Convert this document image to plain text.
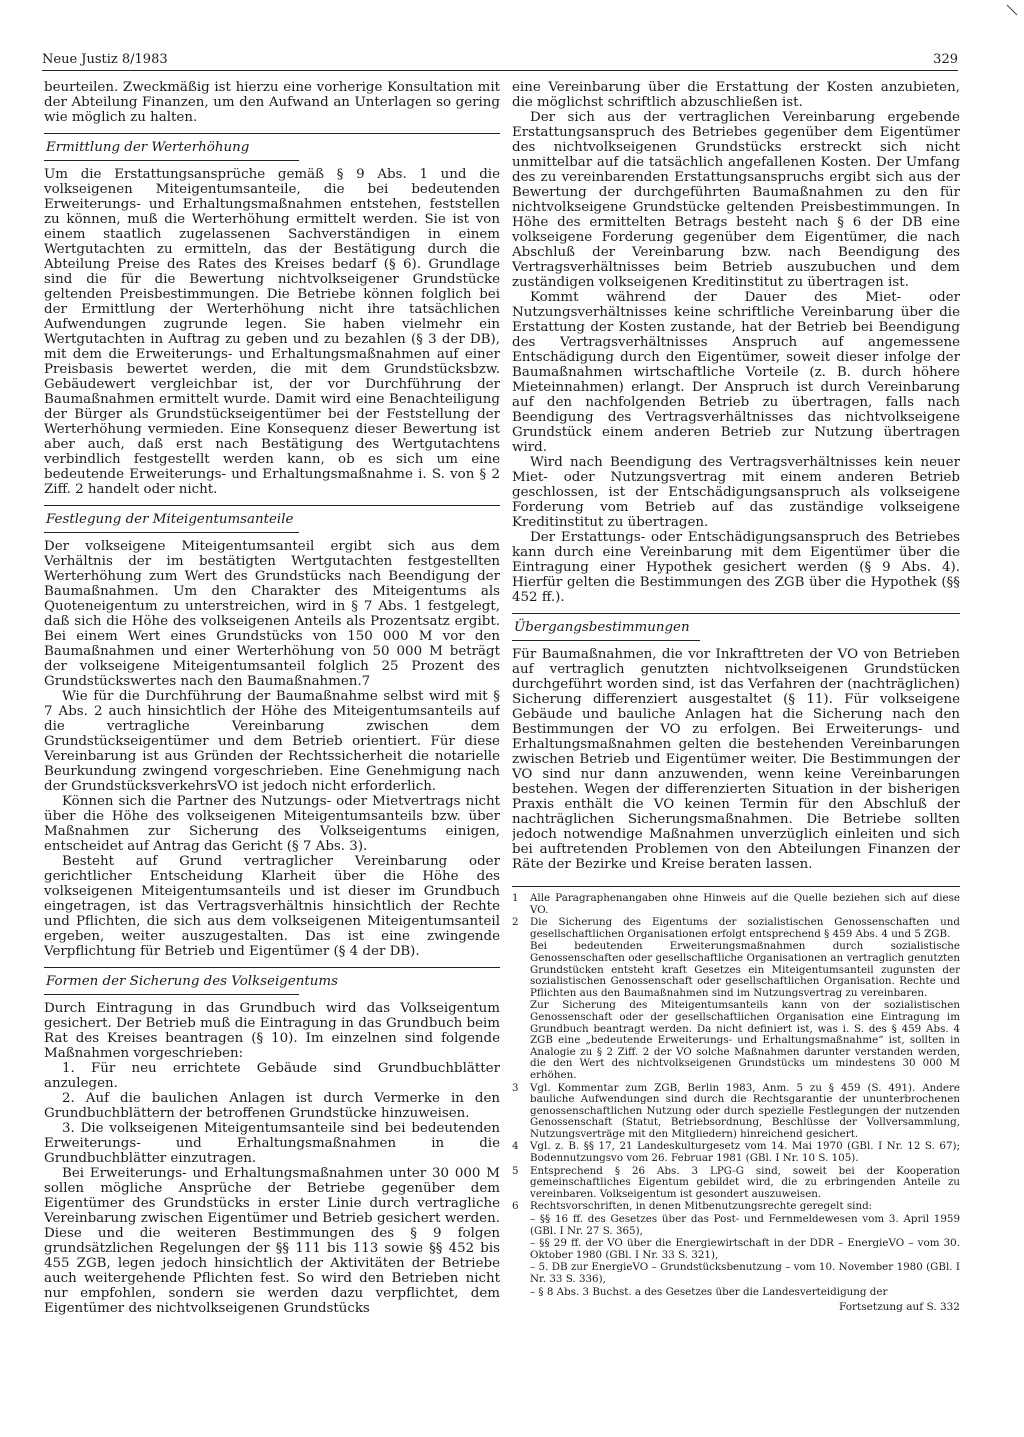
Neue Justiz 8/1983	329

beurteilen. Zweckmäßig ist hierzu eine vorherige Konsultation mit der Abteilung Finanzen, um den Aufwand an Unterlagen so gering wie möglich zu halten.

Ermittlung der Werterhöhung

Um die Erstattungsansprüche gemäß § 9 Abs. 1 und die volkseigenen Miteigentumsanteile, die bei bedeutenden Erweiterungs- und Erhaltungsmaßnahmen entstehen, feststellen zu können, muß die Werterhöhung ermittelt werden. Sie ist von einem staatlich zugelassenen Sachverständigen in einem Wertgutachten zu ermitteln, das der Bestätigung durch die Abteilung Preise des Rates des Kreises bedarf (§ 6). Grundlage sind die für die Bewertung nichtvolkseigener Grundstücke geltenden Preisbestimmungen. Die Betriebe können folglich bei der Ermittlung der Werterhöhung nicht ihre tatsächlichen Aufwendungen zugrunde legen. Sie haben vielmehr ein Wertgutachten in Auftrag zu geben und zu bezahlen (§ 3 der DB), mit dem die Erweiterungs- und Erhaltungsmaßnahmen auf einer Preisbasis bewertet werden, die mit dem Grundstücksbzw. Gebäudewert vergleichbar ist, der vor Durchführung der Baumaßnahmen ermittelt wurde. Damit wird eine Benachteiligung der Bürger als Grundstückseigentümer bei der Feststellung der Werterhöhung vermieden. Eine Konsequenz dieser Bewertung ist aber auch, daß erst nach Bestätigung des Wertgutachtens verbindlich festgestellt werden kann, ob es sich um eine bedeutende Erweiterungs- und Erhaltungsmaßnahme i. S. von § 2 Ziff. 2 handelt oder nicht.

Festlegung der Miteigentumsanteile

Der volkseigene Miteigentumsanteil ergibt sich aus dem Verhältnis der im bestätigten Wertgutachten festgestellten Werterhöhung zum Wert des Grundstücks nach Beendigung der Baumaßnahmen. Um den Charakter des Miteigentums als Quoteneigentum zu unterstreichen, wird in § 7 Abs. 1 festgelegt, daß sich die Höhe des volkseigenen Anteils als Prozentsatz ergibt. Bei einem Wert eines Grundstücks von 150 000 M vor den Baumaßnahmen und einer Werterhöhung von 50 000 M beträgt der volkseigene Miteigentumsanteil folglich 25 Prozent des Grundstückswertes nach den Baumaßnahmen.7

Wie für die Durchführung der Baumaßnahme selbst wird mit § 7 Abs. 2 auch hinsichtlich der Höhe des Miteigentumsanteils auf die vertragliche Vereinbarung zwischen dem Grundstückseigentümer und dem Betrieb orientiert. Für diese Vereinbarung ist aus Gründen der Rechtssicherheit die notarielle Beurkundung zwingend vorgeschrieben. Eine Genehmigung nach der GrundstücksverkehrsVO ist jedoch nicht erforderlich.

Können sich die Partner des Nutzungs- oder Mietvertrags nicht über die Höhe des volkseigenen Miteigentumsanteils bzw. über Maßnahmen zur Sicherung des Volkseigentums einigen, entscheidet auf Antrag das Gericht (§ 7 Abs. 3).

Besteht auf Grund vertraglicher Vereinbarung oder gerichtlicher Entscheidung Klarheit über die Höhe des volkseigenen Miteigentumsanteils und ist dieser im Grundbuch eingetragen, ist das Vertragsverhältnis hinsichtlich der Rechte und Pflichten, die sich aus dem volkseigenen Miteigentumsanteil ergeben, weiter auszugestalten. Das ist eine zwingende Verpflichtung für Betrieb und Eigentümer (§ 4 der DB).

Formen der Sicherung des Volkseigentums

Durch Eintragung in das Grundbuch wird das Volkseigentum gesichert. Der Betrieb muß die Eintragung in das Grundbuch beim Rat des Kreises beantragen (§ 10). Im einzelnen sind folgende Maßnahmen vorgeschrieben:

1. Für neu errichtete Gebäude sind Grundbuchblätter anzulegen.

2. Auf die baulichen Anlagen ist durch Vermerke in den Grundbuchblättern der betroffenen Grundstücke hinzuweisen.

3. Die volkseigenen Miteigentumsanteile sind bei bedeutenden Erweiterungs- und Erhaltungsmaßnahmen in die Grundbuchblätter einzutragen.

Bei Erweiterungs- und Erhaltungsmaßnahmen unter 30 000 M sollen mögliche Ansprüche der Betriebe gegenüber dem Eigentümer des Grundstücks in erster Linie durch vertragliche Vereinbarung zwischen Eigentümer und Betrieb gesichert werden. Diese und die weiteren Bestimmungen des § 9 folgen grundsätzlichen Regelungen der §§ 111 bis 113 sowie §§ 452 bis 455 ZGB, legen jedoch hinsichtlich der Aktivitäten der Betriebe auch weitergehende Pflichten fest. So wird den Betrieben nicht nur empfohlen, sondern sie werden dazu verpflichtet, dem Eigentümer des nichtvolkseigenen Grundstücks

eine Vereinbarung über die Erstattung der Kosten anzubieten, die möglichst schriftlich abzuschließen ist.

Der sich aus der vertraglichen Vereinbarung ergebende Erstattungsanspruch des Betriebes gegenüber dem Eigentümer des nichtvolkseigenen Grundstücks erstreckt sich nicht unmittelbar auf die tatsächlich angefallenen Kosten. Der Umfang des zu vereinbarenden Erstattungsanspruchs ergibt sich aus der Bewertung der durchgeführten Baumaßnahmen zu den für nichtvolkseigene Grundstücke geltenden Preisbestimmungen. In Höhe des ermittelten Betrags besteht nach § 6 der DB eine volkseigene Forderung gegenüber dem Eigentümer, die nach Abschluß der Vereinbarung bzw. nach Beendigung des Vertragsverhältnisses beim Betrieb auszubuchen und dem zuständigen volkseigenen Kreditinstitut zu übertragen ist.

Kommt während der Dauer des Miet- oder Nutzungsverhältnisses keine schriftliche Vereinbarung über die Erstattung der Kosten zustande, hat der Betrieb bei Beendigung des Vertragsverhältnisses Anspruch auf angemessene Entschädigung durch den Eigentümer, soweit dieser infolge der Baumaßnahmen wirtschaftliche Vorteile (z. B. durch höhere Mieteinnahmen) erlangt. Der Anspruch ist durch Vereinbarung auf den nachfolgenden Betrieb zu übertragen, falls nach Beendigung des Vertragsverhältnisses das nichtvolkseigene Grundstück einem anderen Betrieb zur Nutzung übertragen wird.

Wird nach Beendigung des Vertragsverhältnisses kein neuer Miet- oder Nutzungsvertrag mit einem anderen Betrieb geschlossen, ist der Entschädigungsanspruch als volkseigene Forderung vom Betrieb auf das zuständige volkseigene Kreditinstitut zu übertragen.

Der Erstattungs- oder Entschädigungsanspruch des Betriebes kann durch eine Vereinbarung mit dem Eigentümer über die Eintragung einer Hypothek gesichert werden (§ 9 Abs. 4). Hierfür gelten die Bestimmungen des ZGB über die Hypothek (§§ 452 ff.).

Übergangsbestimmungen

Für Baumaßnahmen, die vor Inkrafttreten der VO von Betrieben auf vertraglich genutzten nichtvolkseigenen Grundstücken durchgeführt worden sind, ist das Verfahren der (nachträglichen) Sicherung differenziert ausgestaltet (§ 11). Für volkseigene Gebäude und bauliche Anlagen hat die Sicherung nach den Bestimmungen der VO zu erfolgen. Bei Erweiterungs- und Erhaltungsmaßnahmen gelten die bestehenden Vereinbarungen zwischen Betrieb und Eigentümer weiter. Die Bestimmungen der VO sind nur dann anzuwenden, wenn keine Vereinbarungen bestehen. Wegen der differenzierten Situation in der bisherigen Praxis enthält die VO keinen Termin für den Abschluß der nachträglichen Sicherungsmaßnahmen. Die Betriebe sollten jedoch notwendige Maßnahmen unverzüglich einleiten und sich bei auftretenden Problemen von den Abteilungen Finanzen der Räte der Bezirke und Kreise beraten lassen.

1	Alle Paragraphenangaben ohne Hinweis auf die Quelle beziehen sich auf diese VO.
2	Die Sicherung des Eigentums der sozialistischen Genossenschaften und gesellschaftlichen Organisationen erfolgt entsprechend § 459 Abs. 4 und 5 ZGB.
Bei bedeutenden Erweiterungsmaßnahmen durch sozialistische Genossenschaften oder gesellschaftliche Organisationen an vertraglich genutzten Grundstücken entsteht kraft Gesetzes ein Miteigentumsanteil zugunsten der sozialistischen Genossenschaft oder gesellschaftlichen Organisation. Rechte und Pflichten aus den Baumaßnahmen sind im Nutzungsvertrag zu vereinbaren.
Zur Sicherung des Miteigentumsanteils kann von der sozialistischen Genossenschaft oder der gesellschaftlichen Organisation eine Eintragung im Grundbuch beantragt werden. Da nicht definiert ist, was i. S. des § 459 Abs. 4 ZGB eine „bedeutende Erweiterungs- und Erhaltungsmaßnahme“ ist, sollten in Analogie zu § 2 Ziff. 2 der VO solche Maßnahmen darunter verstanden werden, die den Wert des nichtvolkseigenen Grundstücks um mindestens 30 000 M erhöhen.
3	Vgl. Kommentar zum ZGB, Berlin 1983, Anm. 5 zu § 459 (S. 491). Andere bauliche Aufwendungen sind durch die Rechtsgarantie der ununterbrochenen genossenschaftlichen Nutzung oder durch spezielle Festlegungen der nutzenden Genossenschaft (Statut, Betriebsordnung, Beschlüsse der Vollversammlung, Nutzungsverträge mit den Mitgliedern) hinreichend gesichert.
4	Vgl. z. B. §§ 17, 21 Landeskulturgesetz vom 14. Mai 1970 (GBl. I Nr. 12 S. 67); Bodennutzungsvo vom 26. Februar 1981 (GBl. I Nr. 10 S. 105).
5	Entsprechend § 26 Abs. 3 LPG-G sind, soweit bei der Kooperation gemeinschaftliches Eigentum gebildet wird, die zu erbringenden Anteile zu vereinbaren. Volkseigentum ist gesondert auszuweisen.
6	Rechtsvorschriften, in denen Mitbenutzungsrechte geregelt sind:
– §§ 16 ff. des Gesetzes über das Post- und Fernmeldewesen vom 3. April 1959 (GBl. I Nr. 27 S. 365),
– §§ 29 ff. der VO über die Energiewirtschaft in der DDR – EnergieVO – vom 30. Oktober 1980 (GBl. I Nr. 33 S. 321),
– 5. DB zur EnergieVO – Grundstücksbenutzung – vom 10. November 1980 (GBl. I Nr. 33 S. 336),
– § 8 Abs. 3 Buchst. a des Gesetzes über die Landesverteidigung der
Fortsetzung auf S. 332
